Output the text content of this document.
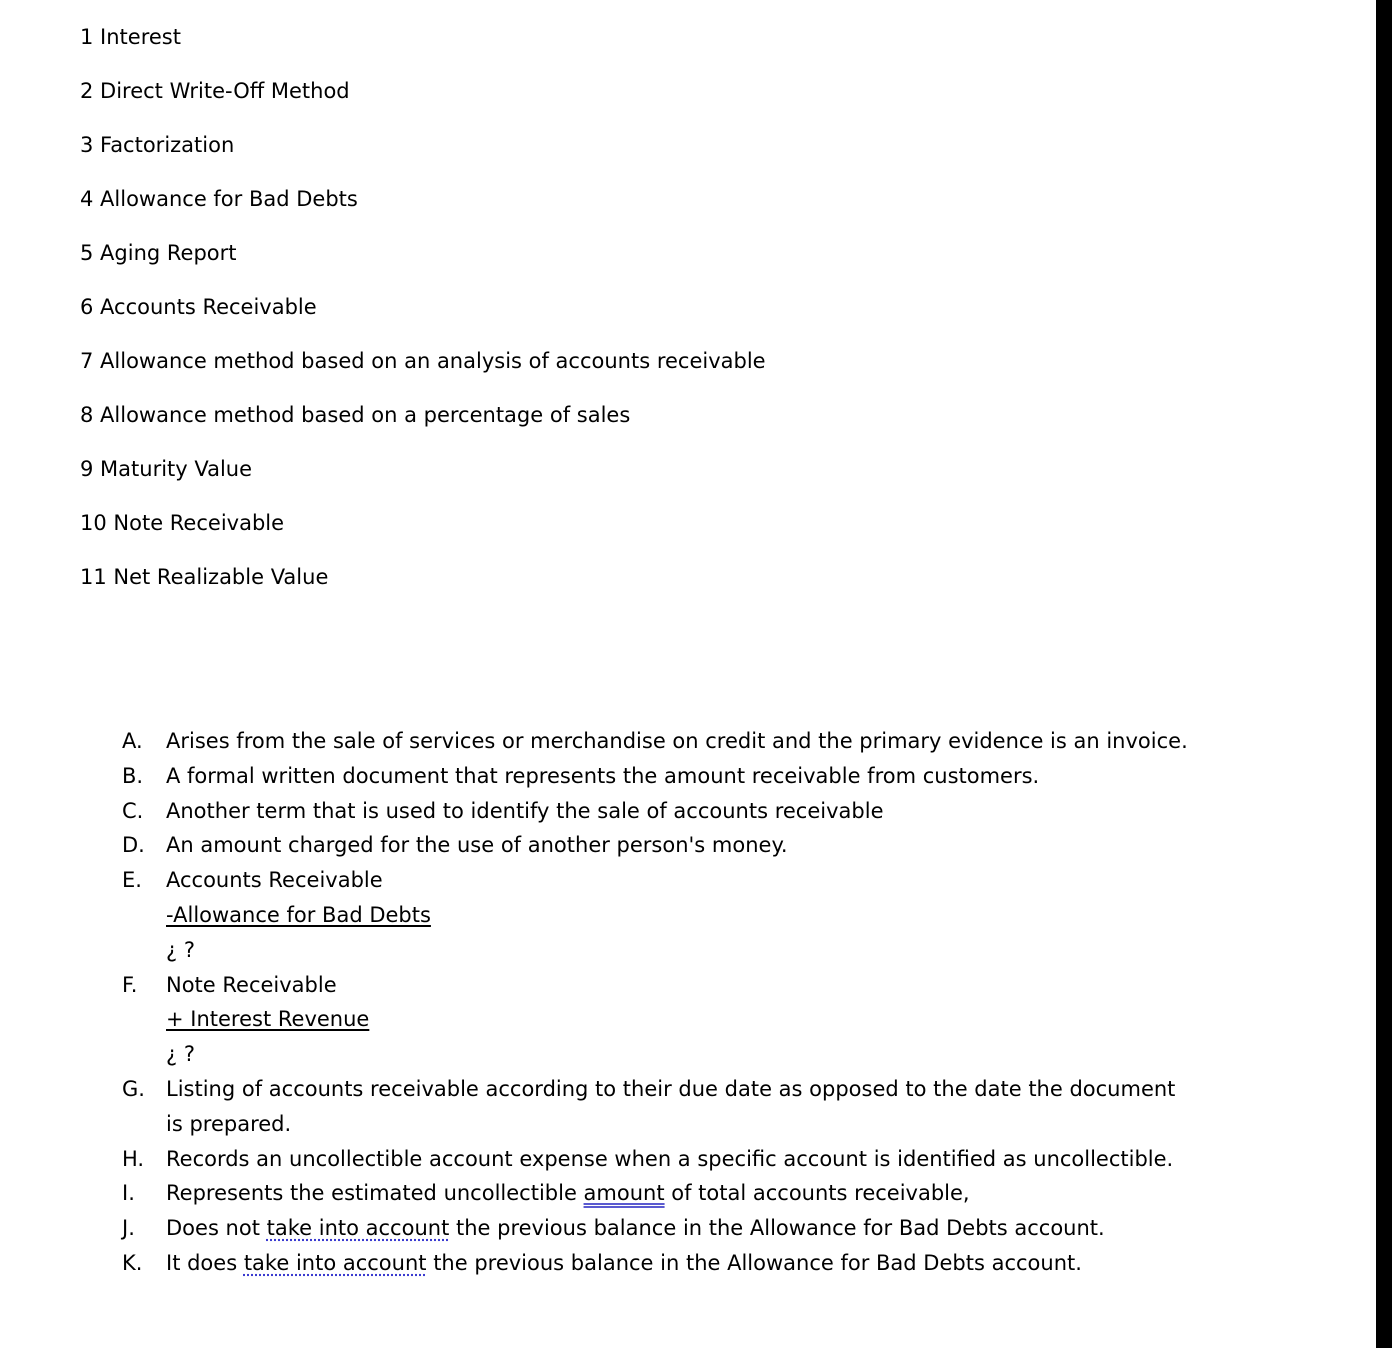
1 Interest
2 Direct Write-Off Method
3 Factorization
4 Allowance for Bad Debts
5 Aging Report
6 Accounts Receivable
7 Allowance method based on an analysis of accounts receivable
8 Allowance method based on a percentage of sales
9 Maturity Value
10 Note Receivable
11 Net Realizable Value
A. Arises from the sale of services or merchandise on credit and the primary evidence is an invoice.
B. A formal written document that represents the amount receivable from customers.
C. Another term that is used to identify the sale of accounts receivable
D. An amount charged for the use of another person's money.
E. Accounts Receivable
-Allowance for Bad Debts
¿ ?
F. Note Receivable
+ Interest Revenue
¿ ?
G. Listing of accounts receivable according to their due date as opposed to the date the document
is prepared.
H. Records an uncollectible account expense when a specific account is identified as uncollectible.
I. Represents the estimated uncollectible amount of total accounts receivable,
J. Does not take into account the previous balance in the Allowance for Bad Debts account.
K. It does take into account the previous balance in the Allowance for Bad Debts account.
